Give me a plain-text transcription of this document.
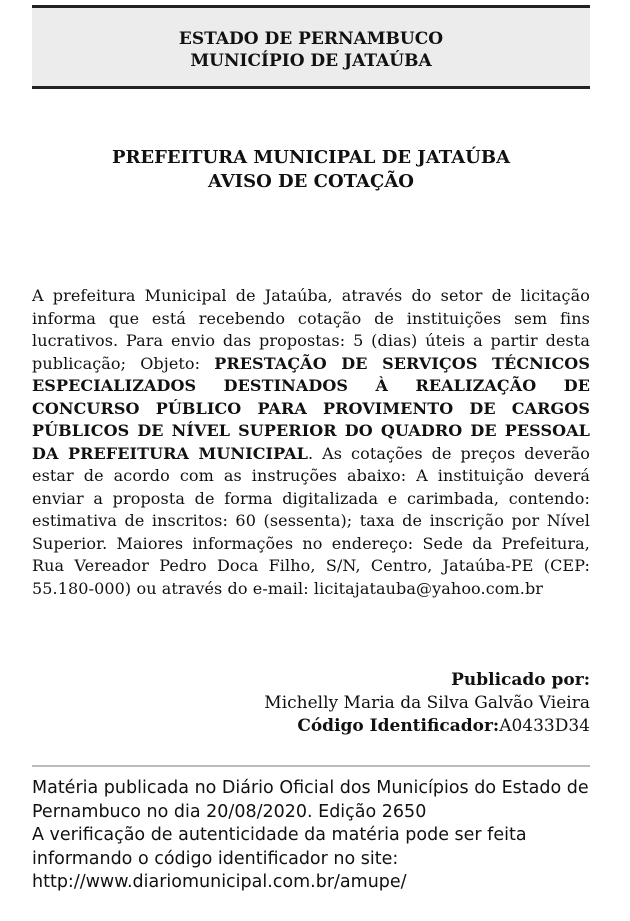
ESTADO DE PERNAMBUCO
MUNICÍPIO DE JATAÚBA
PREFEITURA MUNICIPAL DE JATAÚBA
AVISO DE COTAÇÃO
A prefeitura Municipal de Jataúba, através do setor de licitação informa que está recebendo cotação de instituições sem fins lucrativos. Para envio das propostas: 5 (dias) úteis a partir desta publicação; Objeto: PRESTAÇÃO DE SERVIÇOS TÉCNICOS ESPECIALIZADOS DESTINADOS À REALIZAÇÃO DE CONCURSO PÚBLICO PARA PROVIMENTO DE CARGOS PÚBLICOS DE NÍVEL SUPERIOR DO QUADRO DE PESSOAL DA PREFEITURA MUNICIPAL. As cotações de preços deverão estar de acordo com as instruções abaixo: A instituição deverá enviar a proposta de forma digitalizada e carimbada, contendo: estimativa de inscritos: 60 (sessenta); taxa de inscrição por Nível Superior. Maiores informações no endereço: Sede da Prefeitura, Rua Vereador Pedro Doca Filho, S/N, Centro, Jataúba-PE (CEP: 55.180-000) ou através do e-mail: licitajatauba@yahoo.com.br
Publicado por:
Michelly Maria da Silva Galvão Vieira
Código Identificador:A0433D34
Matéria publicada no Diário Oficial dos Municípios do Estado de Pernambuco no dia 20/08/2020. Edição 2650
A verificação de autenticidade da matéria pode ser feita informando o código identificador no site:
http://www.diariomunicipal.com.br/amupe/
